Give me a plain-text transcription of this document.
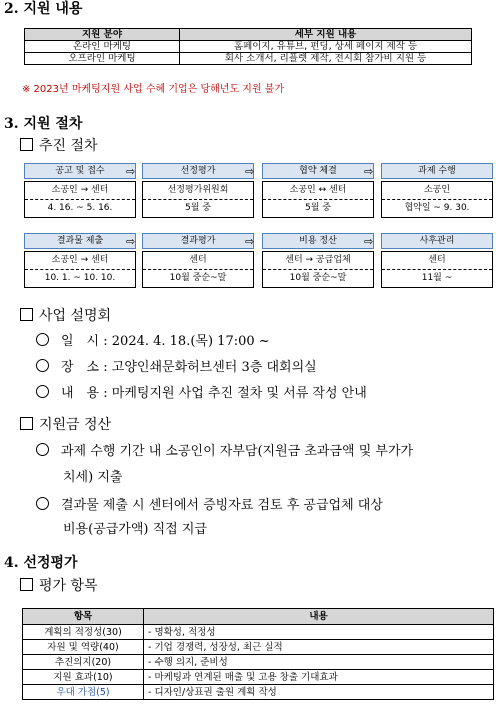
2. 지원 내용
지원 분야	세부 지원 내용
온라인 마케팅	홈페이지, 유튜브, 펀딩, 상세 페이지 제작 등
오프라인 마케팅	회사 소개서, 리플렛 제작, 전시회 참가비 지원 등
※ 2023년 마케팅지원 사업 수혜 기업은 당해년도 지원 불가
3. 지원 절차
추진 절차
공고 및 접수
소공인 → 센터
4. 16. ~ 5. 16.
⇨	선정평가
선정평가위원회
5월 중
⇨	협약 체결
소공인 ↔ 센터
5월 중
⇨	과제 수행
소공인
협약일 ~ 9. 30.
결과물 제출
소공인 → 센터
10. 1. ~ 10. 10.
⇨	결과평가
센터
10월 중순~말
⇨	비용 정산
센터 → 공급업체
10월 중순~말
⇨	사후관리
센터
11월 ~
사업 설명회
일　시 : 2024. 4. 18.(목) 17:00 ~
장　소 : 고양인쇄문화허브센터 3층 대회의실
내　용 : 마케팅지원 사업 추진 절차 및 서류 작성 안내
지원금 정산
과제 수행 기간 내 소공인이 자부담(지원금 초과금액 및 부가가
치세) 지출
결과물 제출 시 센터에서 증빙자료 검토 후 공급업체 대상
비용(공급가액) 직접 지급
4. 선정평가
평가 항목
항목	내용
계획의 적정성(30)	- 명확성, 적정성
자원 및 역량(40)	- 기업 경쟁력, 성장성, 최근 실적
추진의지(20)	- 수행 의지, 준비성
지원 효과(10)	- 마케팅과 연계된 매출 및 고용 창출 기대효과
우대 가점(5)	- 디자인/상표권 출원 계획 작성
